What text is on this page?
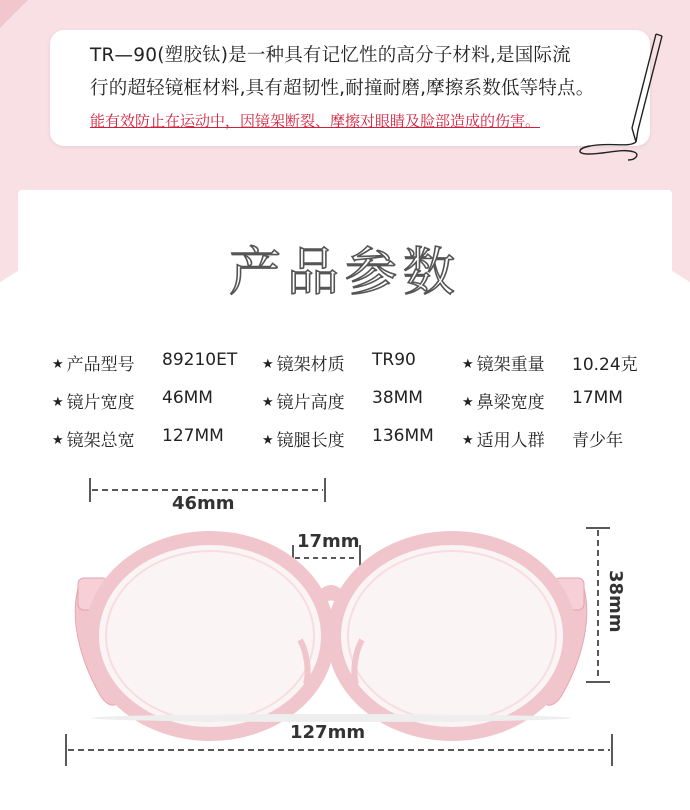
TR—90(塑胶钛)是一种具有记忆性的高分子材料,是国际流
行的超轻镜框材料,具有超韧性,耐撞耐磨,摩擦系数低等特点。
能有效防止在运动中，因镜架断裂、摩擦对眼睛及脸部造成的伤害。
产品参数
★ 产品型号 89210ET ★ 镜架材质 TR90	★ 镜架重量 10.24克
★ 镜片宽度 46MM	★ 镜片高度 38MM	★ 鼻梁宽度 17MM
★ 镜架总宽 127MM	★ 镜腿长度 136MM ★ 适用人群 青少年
46mm
17mm
38mm
127mm
